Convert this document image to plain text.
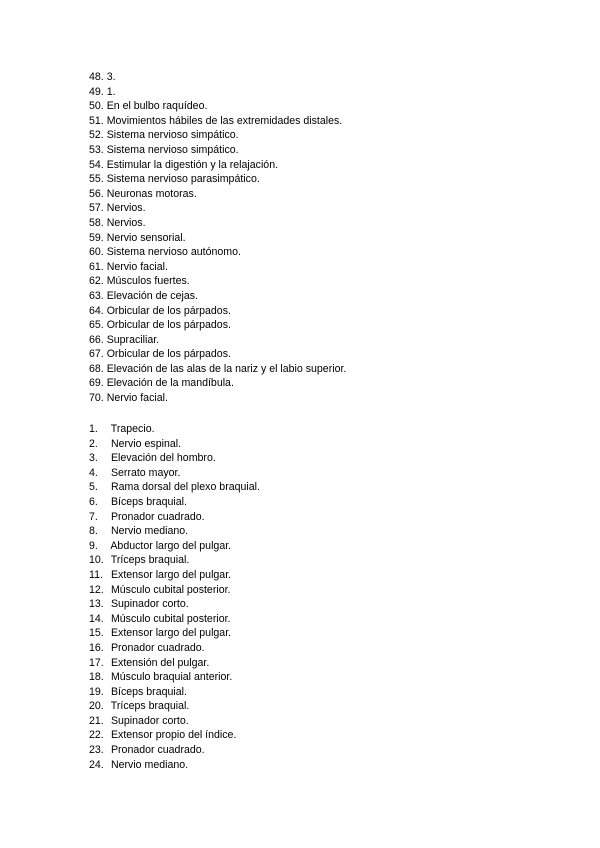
48. 3.
49. 1.
50. En el bulbo raquídeo.
51. Movimientos hábiles de las extremidades distales.
52. Sistema nervioso simpático.
53. Sistema nervioso simpático.
54. Estimular la digestión y la relajación.
55. Sistema nervioso parasimpático.
56. Neuronas motoras.
57. Nervios.
58. Nervios.
59. Nervio sensorial.
60. Sistema nervioso autónomo.
61. Nervio facial.
62. Músculos fuertes.
63. Elevación de cejas.
64. Orbicular de los párpados.
65. Orbicular de los párpados.
66. Supraciliar.
67. Orbicular de los párpados.
68. Elevación de las alas de la nariz y el labio superior.
69. Elevación de la mandíbula.
70. Nervio facial.
1. Trapecio.
2. Nervio espinal.
3. Elevación del hombro.
4. Serrato mayor.
5. Rama dorsal del plexo braquial.
6. Bíceps braquial.
7. Pronador cuadrado.
8. Nervio mediano.
9. Abductor largo del pulgar.
10. Tríceps braquial.
11. Extensor largo del pulgar.
12. Músculo cubital posterior.
13. Supinador corto.
14. Músculo cubital posterior.
15. Extensor largo del pulgar.
16. Pronador cuadrado.
17. Extensión del pulgar.
18. Músculo braquial anterior.
19. Bíceps braquial.
20. Tríceps braquial.
21. Supinador corto.
22. Extensor propio del índice.
23. Pronador cuadrado.
24. Nervio mediano.
